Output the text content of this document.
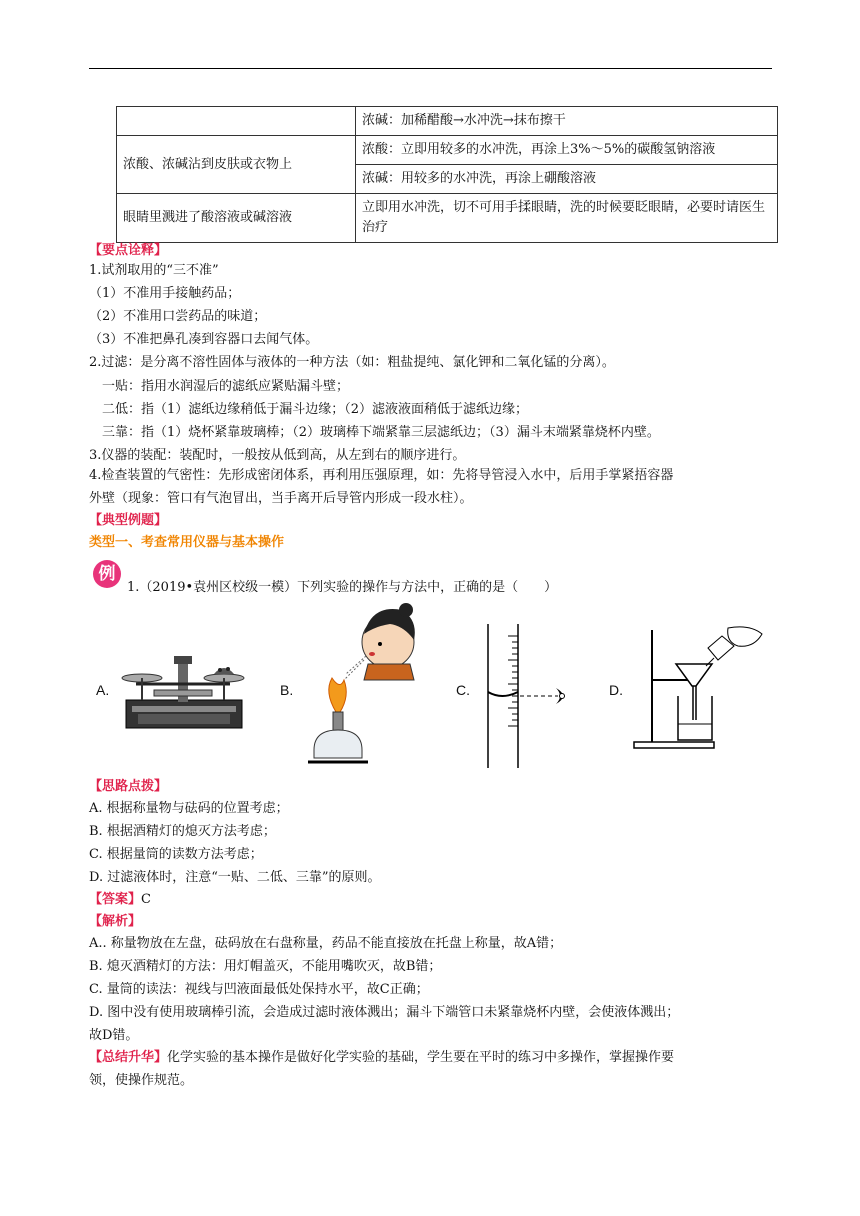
	浓碱：加稀醋酸→水冲洗→抹布擦干
浓酸、浓碱沾到皮肤或衣物上	浓酸：立即用较多的水冲洗，再涂上3%～5%的碳酸氢钠溶液
	浓碱：用较多的水冲洗，再涂上硼酸溶液
眼睛里溅进了酸溶液或碱溶液	立即用水冲洗，切不可用手揉眼睛，洗的时候要眨眼睛，必要时请医生治疗
【要点诠释】
1.试剂取用的“三不准”
（1）不准用手接触药品；
（2）不准用口尝药品的味道；
（3）不准把鼻孔凑到容器口去闻气体。
2.过滤：是分离不溶性固体与液体的一种方法（如：粗盐提纯、氯化钾和二氧化锰的分离）。
　一贴：指用水润湿后的滤纸应紧贴漏斗壁；
　二低：指（1）滤纸边缘稍低于漏斗边缘；（2）滤液液面稍低于滤纸边缘；
　三靠：指（1）烧杯紧靠玻璃棒；（2）玻璃棒下端紧靠三层滤纸边；（3）漏斗末端紧靠烧杯内壁。
3.仪器的装配：装配时，一般按从低到高，从左到右的顺序进行。
4.检查装置的气密性：先形成密闭体系，再利用压强原理，如：先将导管浸入水中，后用手掌紧捂容器
外壁（现象：管口有气泡冒出，当手离开后导管内形成一段水柱）。
【典型例题】
类型一、考查常用仪器与基本操作
例
1.（2019•袁州区校级一模）下列实验的操作与方法中，正确的是（　　）
A.	B.	C.	D.
【思路点拨】
A. 根据称量物与砝码的位置考虑；
B. 根据酒精灯的熄灭方法考虑；
C. 根据量筒的读数方法考虑；
D. 过滤液体时，注意“一贴、二低、三靠”的原则。
【答案】C
【解析】
A.. 称量物放在左盘，砝码放在右盘称量，药品不能直接放在托盘上称量，故A错；
B. 熄灭酒精灯的方法：用灯帽盖灭，不能用嘴吹灭，故B错；
C. 量筒的读法：视线与凹液面最低处保持水平，故C正确；
D. 图中没有使用玻璃棒引流，会造成过滤时液体溅出；漏斗下端管口未紧靠烧杯内壁，会使液体溅出；
故D错。
【总结升华】化学实验的基本操作是做好化学实验的基础，学生要在平时的练习中多操作，掌握操作要
领，使操作规范。
